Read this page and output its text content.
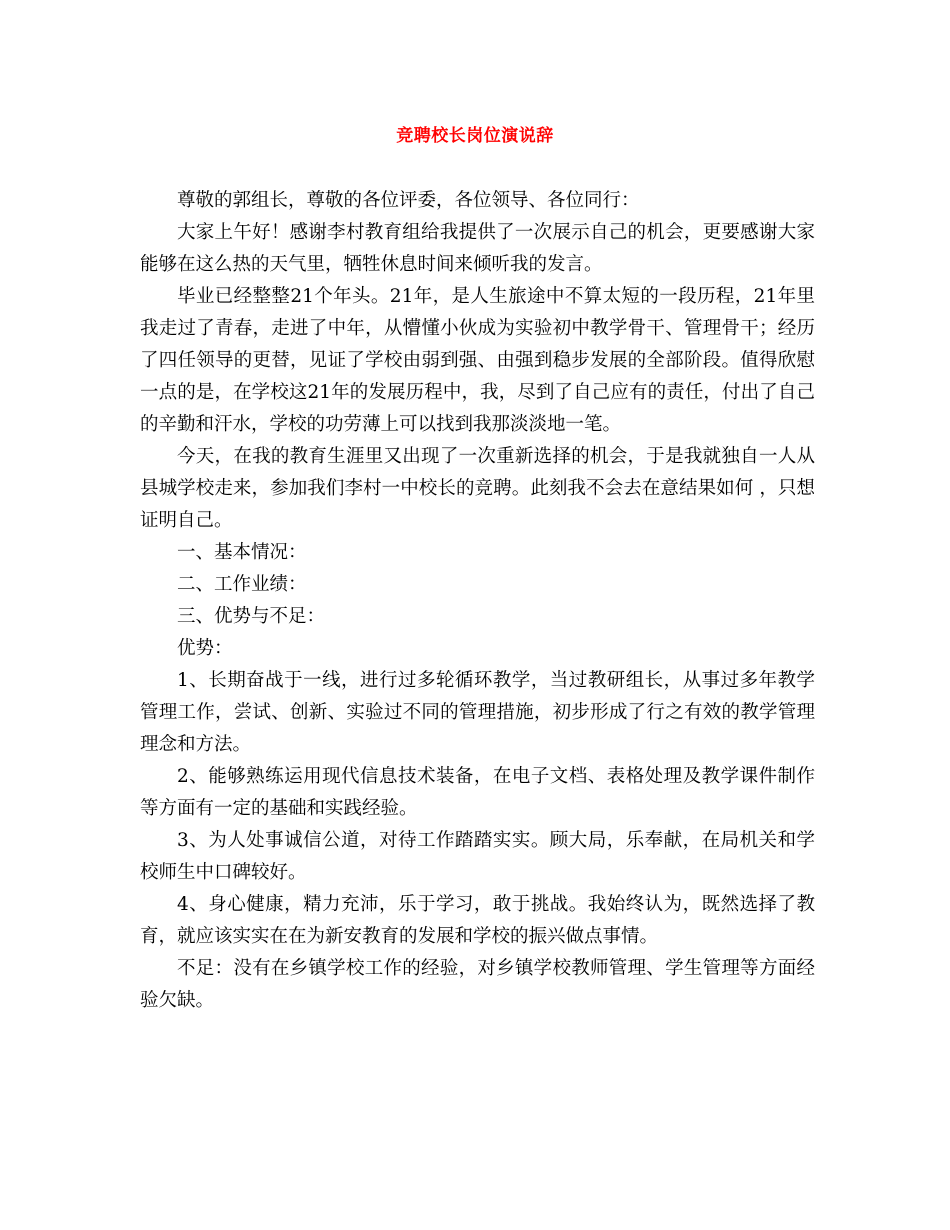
竞聘校长岗位演说辞

尊敬的郭组长，尊敬的各位评委，各位领导、各位同行：

大家上午好！感谢李村教育组给我提供了一次展示自己的机会，更要感谢大家能够在这么热的天气里，牺牲休息时间来倾听我的发言。

毕业已经整整21个年头。21年，是人生旅途中不算太短的一段历程，21年里我走过了青春，走进了中年，从懵懂小伙成为实验初中教学骨干、管理骨干；经历了四任领导的更替，见证了学校由弱到强、由强到稳步发展的全部阶段。值得欣慰一点的是，在学校这21年的发展历程中，我，尽到了自己应有的责任，付出了自己的辛勤和汗水，学校的功劳薄上可以找到我那淡淡地一笔。

今天，在我的教育生涯里又出现了一次重新选择的机会，于是我就独自一人从县城学校走来，参加我们李村一中校长的竞聘。此刻我不会去在意结果如何 ，只想证明自己。

一、基本情况：

二、工作业绩：

三、优势与不足：

优势：

1、长期奋战于一线，进行过多轮循环教学，当过教研组长，从事过多年教学管理工作，尝试、创新、实验过不同的管理措施，初步形成了行之有效的教学管理理念和方法。

2、能够熟练运用现代信息技术装备，在电子文档、表格处理及教学课件制作等方面有一定的基础和实践经验。

3、为人处事诚信公道，对待工作踏踏实实。顾大局，乐奉献，在局机关和学校师生中口碑较好。

4、身心健康，精力充沛，乐于学习，敢于挑战。我始终认为，既然选择了教育，就应该实实在在为新安教育的发展和学校的振兴做点事情。

不足：没有在乡镇学校工作的经验，对乡镇学校教师管理、学生管理等方面经验欠缺。
